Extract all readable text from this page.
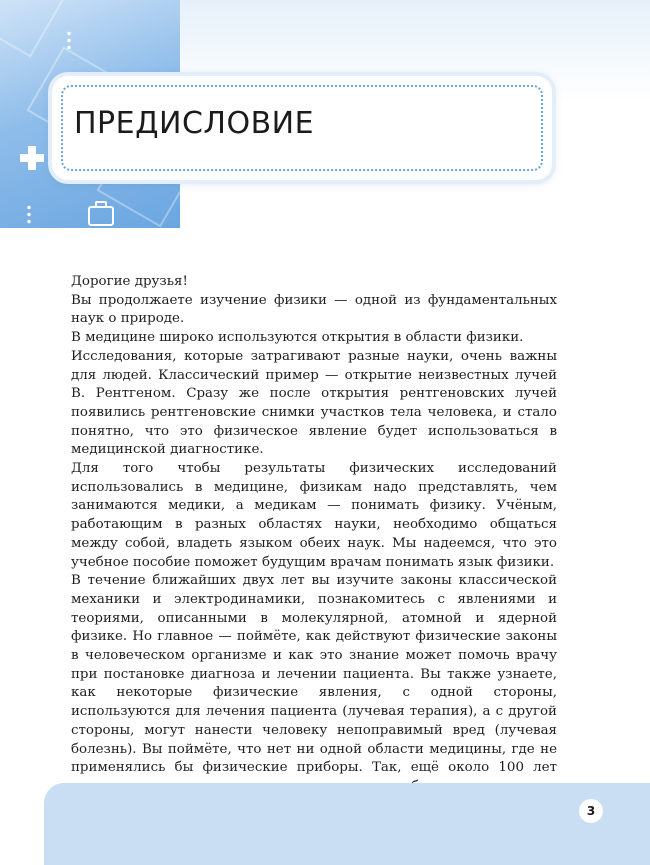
ПРЕДИСЛОВИЕ

Дорогие друзья!

Вы продолжаете изучение физики — одной из фундаментальных наук о природе.

В медицине широко используются открытия в области физики.

Исследования, которые затрагивают разные науки, очень важны для людей. Классический пример — открытие неизвестных лучей В. Рентгеном. Сразу же после открытия рентгеновских лучей появились рентгеновские снимки участков тела человека, и стало понятно, что это физическое явление будет использоваться в медицинской диагностике.

Для того чтобы результаты физических исследований использовались в медицине, физикам надо представлять, чем занимаются медики, а медикам — понимать физику. Учёным, работающим в разных областях науки, необходимо общаться между собой, владеть языком обеих наук. Мы надеемся, что это учебное пособие поможет будущим врачам понимать язык физики.

В течение ближайших двух лет вы изучите законы классической механики и электродинамики, познакомитесь с явлениями и теориями, описанными в молекулярной, атомной и ядерной физике. Но главное — поймёте, как действуют физические законы в человеческом организме и как это знание может помочь врачу при постановке диагноза и лечении пациента. Вы также узнаете, как некоторые физические явления, с одной стороны, используются для лечения пациента (лучевая терапия), а с другой стороны, могут нанести человеку непоправимый вред (лучевая болезнь). Вы поймёте, что нет ни одной области медицины, где не применялись бы физические приборы. Так, ещё около 100 лет

3
